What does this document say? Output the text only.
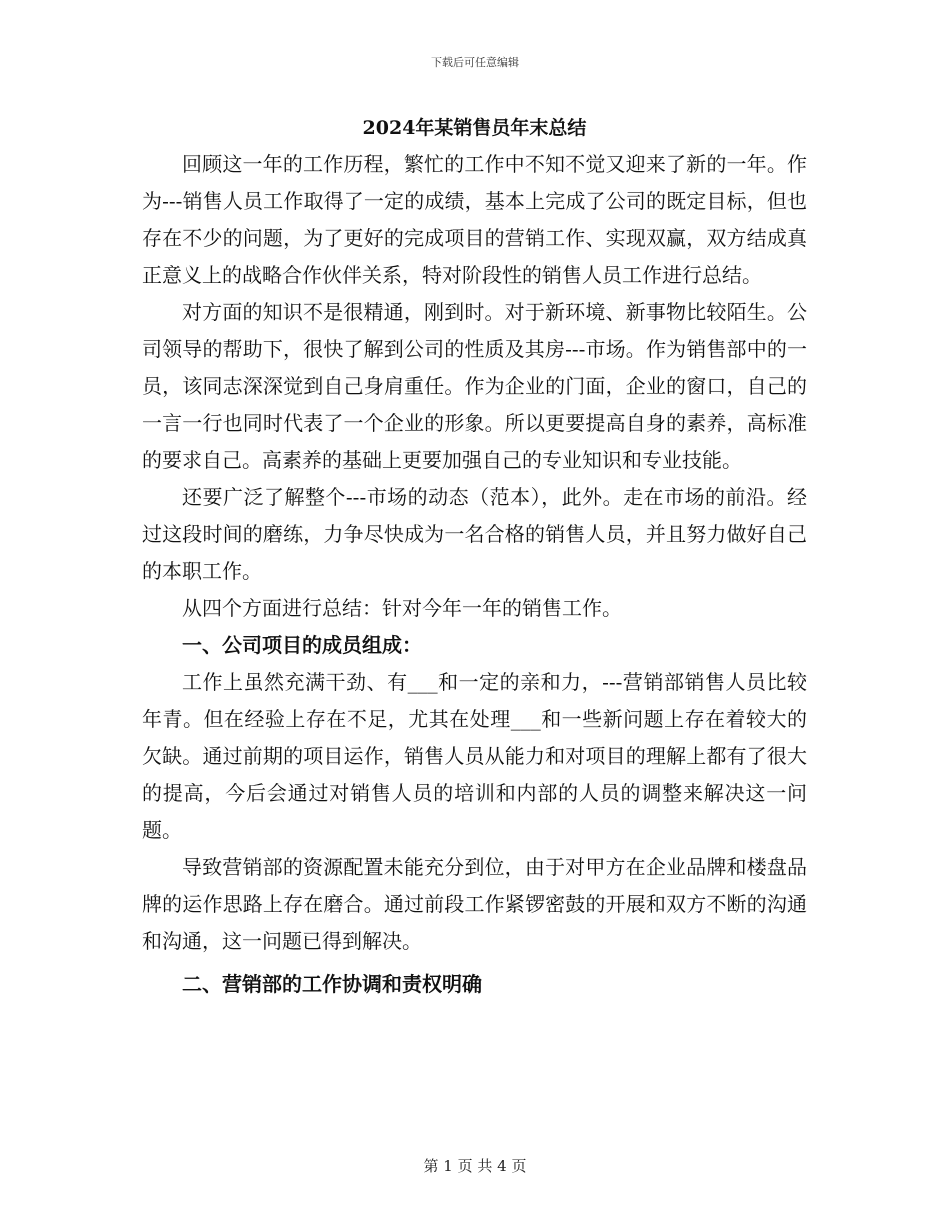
下载后可任意编辑
2024年某销售员年末总结

回顾这一年的工作历程，繁忙的工作中不知不觉又迎来了新的一年。作为---销售人员工作取得了一定的成绩，基本上完成了公司的既定目标，但也存在不少的问题，为了更好的完成项目的营销工作、实现双赢，双方结成真正意义上的战略合作伙伴关系，特对阶段性的销售人员工作进行总结。

对方面的知识不是很精通，刚到时。对于新环境、新事物比较陌生。公司领导的帮助下，很快了解到公司的性质及其房---市场。作为销售部中的一员，该同志深深觉到自己身肩重任。作为企业的门面，企业的窗口，自己的一言一行也同时代表了一个企业的形象。所以更要提高自身的素养，高标准的要求自己。高素养的基础上更要加强自己的专业知识和专业技能。

还要广泛了解整个---市场的动态（范本），此外。走在市场的前沿。经过这段时间的磨练，力争尽快成为一名合格的销售人员，并且努力做好自己的本职工作。

从四个方面进行总结：针对今年一年的销售工作。

一、公司项目的成员组成：

工作上虽然充满干劲、有___和一定的亲和力，---营销部销售人员比较年青。但在经验上存在不足，尤其在处理___和一些新问题上存在着较大的欠缺。通过前期的项目运作，销售人员从能力和对项目的理解上都有了很大的提高，今后会通过对销售人员的培训和内部的人员的调整来解决这一问题。

导致营销部的资源配置未能充分到位，由于对甲方在企业品牌和楼盘品牌的运作思路上存在磨合。通过前段工作紧锣密鼓的开展和双方不断的沟通和沟通，这一问题已得到解决。

二、营销部的工作协调和责权明确

第 1 页 共 4 页
